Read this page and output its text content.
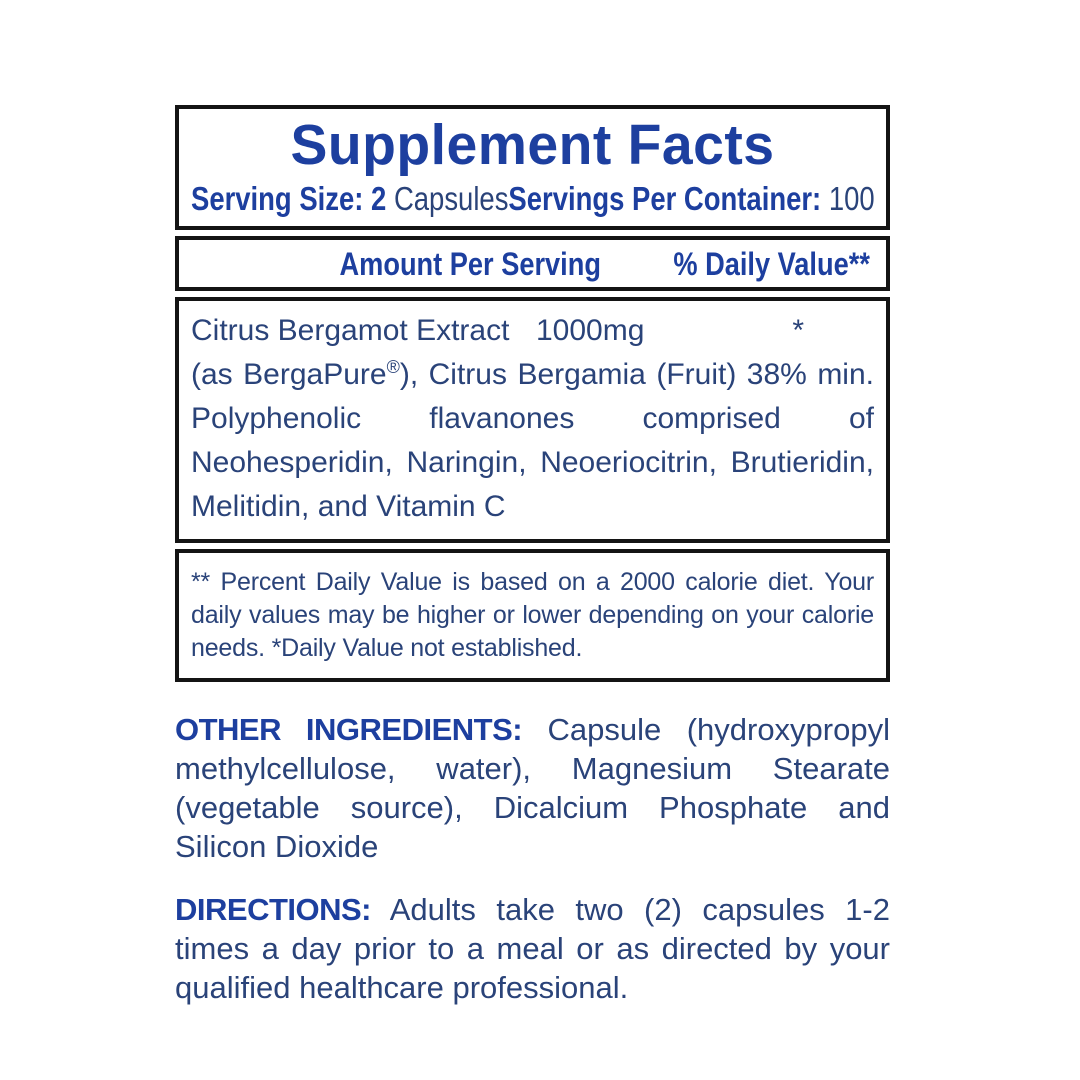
Supplement Facts
Serving Size: 2 Capsules Servings Per Container: 100
Amount Per Serving % Daily Value**
Citrus Bergamot Extract 1000mg	*

(as BergaPure®), Citrus Bergamia (Fruit) 38% min. Polyphenolic flavanones comprised of Neohesperidin, Naringin, Neoeriocitrin, Brutieridin, Melitidin, and Vitamin C

** Percent Daily Value is based on a 2000 calorie diet. Your daily values may be higher or lower depending on your calorie needs. *Daily Value not established.

OTHER INGREDIENTS: Capsule (hydroxypropyl methylcellulose, water), Magnesium Stearate (vegetable source), Dicalcium Phosphate and Silicon Dioxide

DIRECTIONS: Adults take two (2) capsules 1-2 times a day prior to a meal or as directed by your qualified healthcare professional.
